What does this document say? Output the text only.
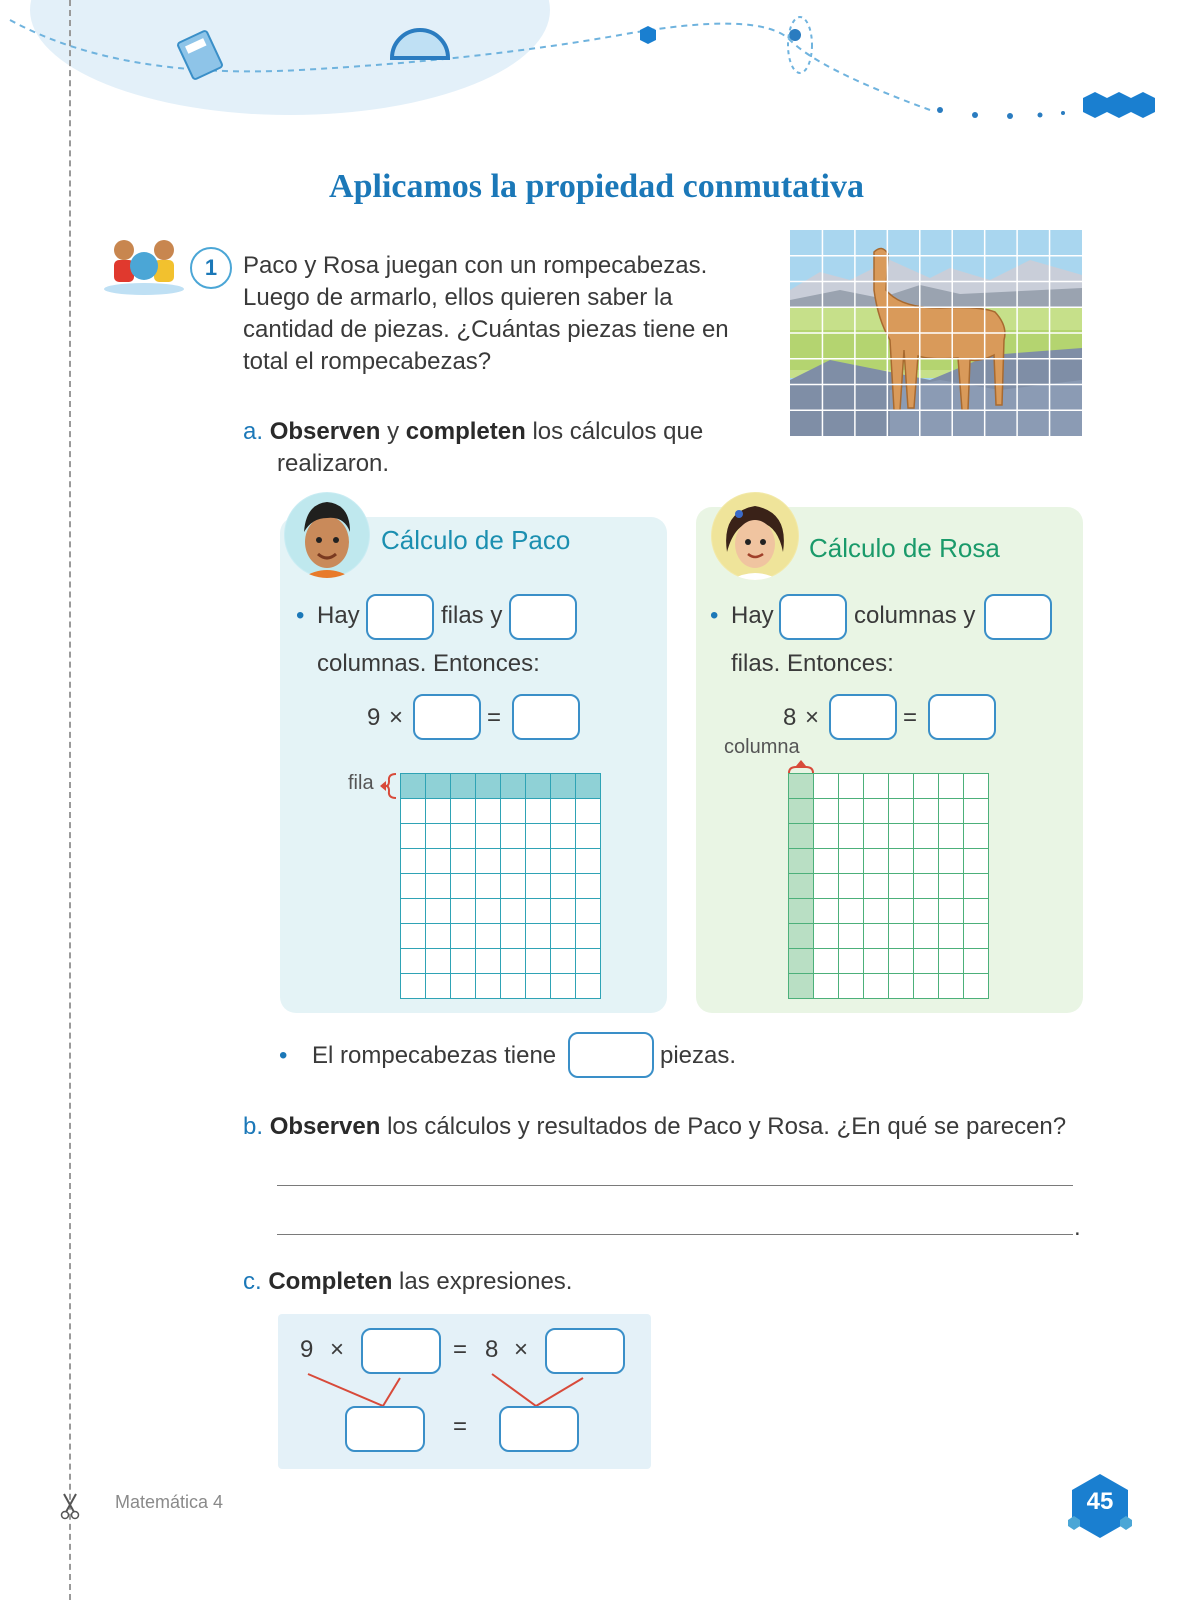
Aplicamos la propiedad conmutativa
1	Paco y Rosa juegan con un rompecabezas.
Luego de armarlo, ellos quieren saber la
cantidad de piezas. ¿Cuántas piezas tiene en
total el rompecabezas?
a. Observen y completen los cálculos que
realizaron.
Cálculo de Paco
• Hay	filas y
columnas. Entonces:
9 ×	=
fila
Cálculo de Rosa
• Hay	columnas y
filas. Entonces:
8 ×	=
columna
• El rompecabezas tiene	piezas.
b. Observen los cálculos y resultados de Paco y Rosa. ¿En qué se parecen?
.
c. Completen las expresiones.
9 ×	= 8 ×
=
Matemática 4	45
